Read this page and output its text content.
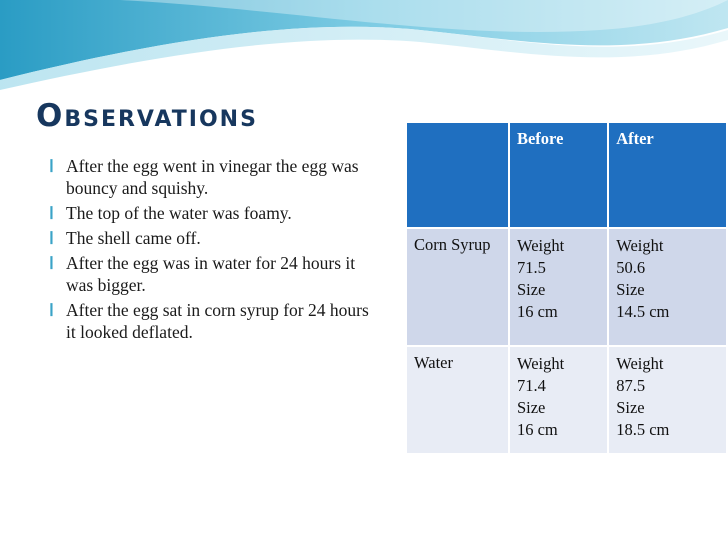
Observations
❙ After the egg went in vinegar the egg was bouncy and squishy.
❙ The top of the water was foamy.
❙ The shell came off.
❙ After the egg was in water for 24 hours it was bigger.
❙ After the egg sat in corn syrup for 24 hours it looked deflated.
	Before	After
Corn Syrup	Weight
71.5
Size
16 cm	Weight
50.6
Size
14.5 cm

Water	Weight
71.4
Size
16 cm	Weight
87.5
Size
18.5 cm
